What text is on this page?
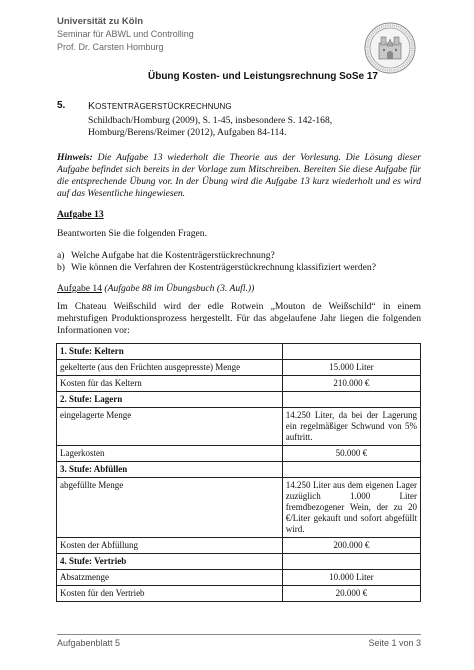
Universität zu Köln
Seminar für ABWL und Controlling
Prof. Dr. Carsten Homburg
Übung Kosten- und Leistungsrechnung SoSe 17
5. KOSTENTRÄGERSTÜCKRECHNUNG
Schildbach/Homburg (2009), S. 1-45, insbesondere S. 142-168,
Homburg/Berens/Reimer (2012), Aufgaben 84-114.
Hinweis: Die Aufgabe 13 wiederholt die Theorie aus der Vorlesung. Die Lösung dieser Aufgabe befindet sich bereits in der Vorlage zum Mitschreiben. Bereiten Sie diese Aufgabe für die entsprechende Übung vor. In der Übung wird die Aufgabe 13 kurz wiederholt und es wird auf das Wesentliche hingewiesen.
Aufgabe 13
Beantworten Sie die folgenden Fragen.
a) Welche Aufgabe hat die Kostenträgerstückrechnung?
b) Wie können die Verfahren der Kostenträgerstückrechnung klassifiziert werden?
Aufgabe 14 (Aufgabe 88 im Übungsbuch (3. Aufl.))
Im Chateau Weißschild wird der edle Rotwein „Mouton de Weißschild“ in einem mehrstufigen Produktionsprozess hergestellt. Für das abgelaufene Jahr liegen die folgenden Informationen vor:
1. Stufe: Keltern	
gekelterte (aus den Früchten ausgepresste) Menge	15.000 Liter
Kosten für das Keltern	210.000 €
2. Stufe: Lagern	
eingelagerte Menge	14.250 Liter, da bei der Lagerung ein regelmäßiger Schwund von 5% auftritt.
Lagerkosten	50.000 €
3. Stufe: Abfüllen	
abgefüllte Menge	14.250 Liter aus dem eigenen Lager zuzüglich 1.000 Liter fremdbezogener Wein, der zu 20 €/Liter gekauft und sofort abgefüllt wird.
Kosten der Abfüllung	200.000 €
4. Stufe: Vertrieb	
Absatzmenge	10.000 Liter
Kosten für den Vertrieb	20.000 €
Aufgabenblatt 5	Seite 1 von 3
